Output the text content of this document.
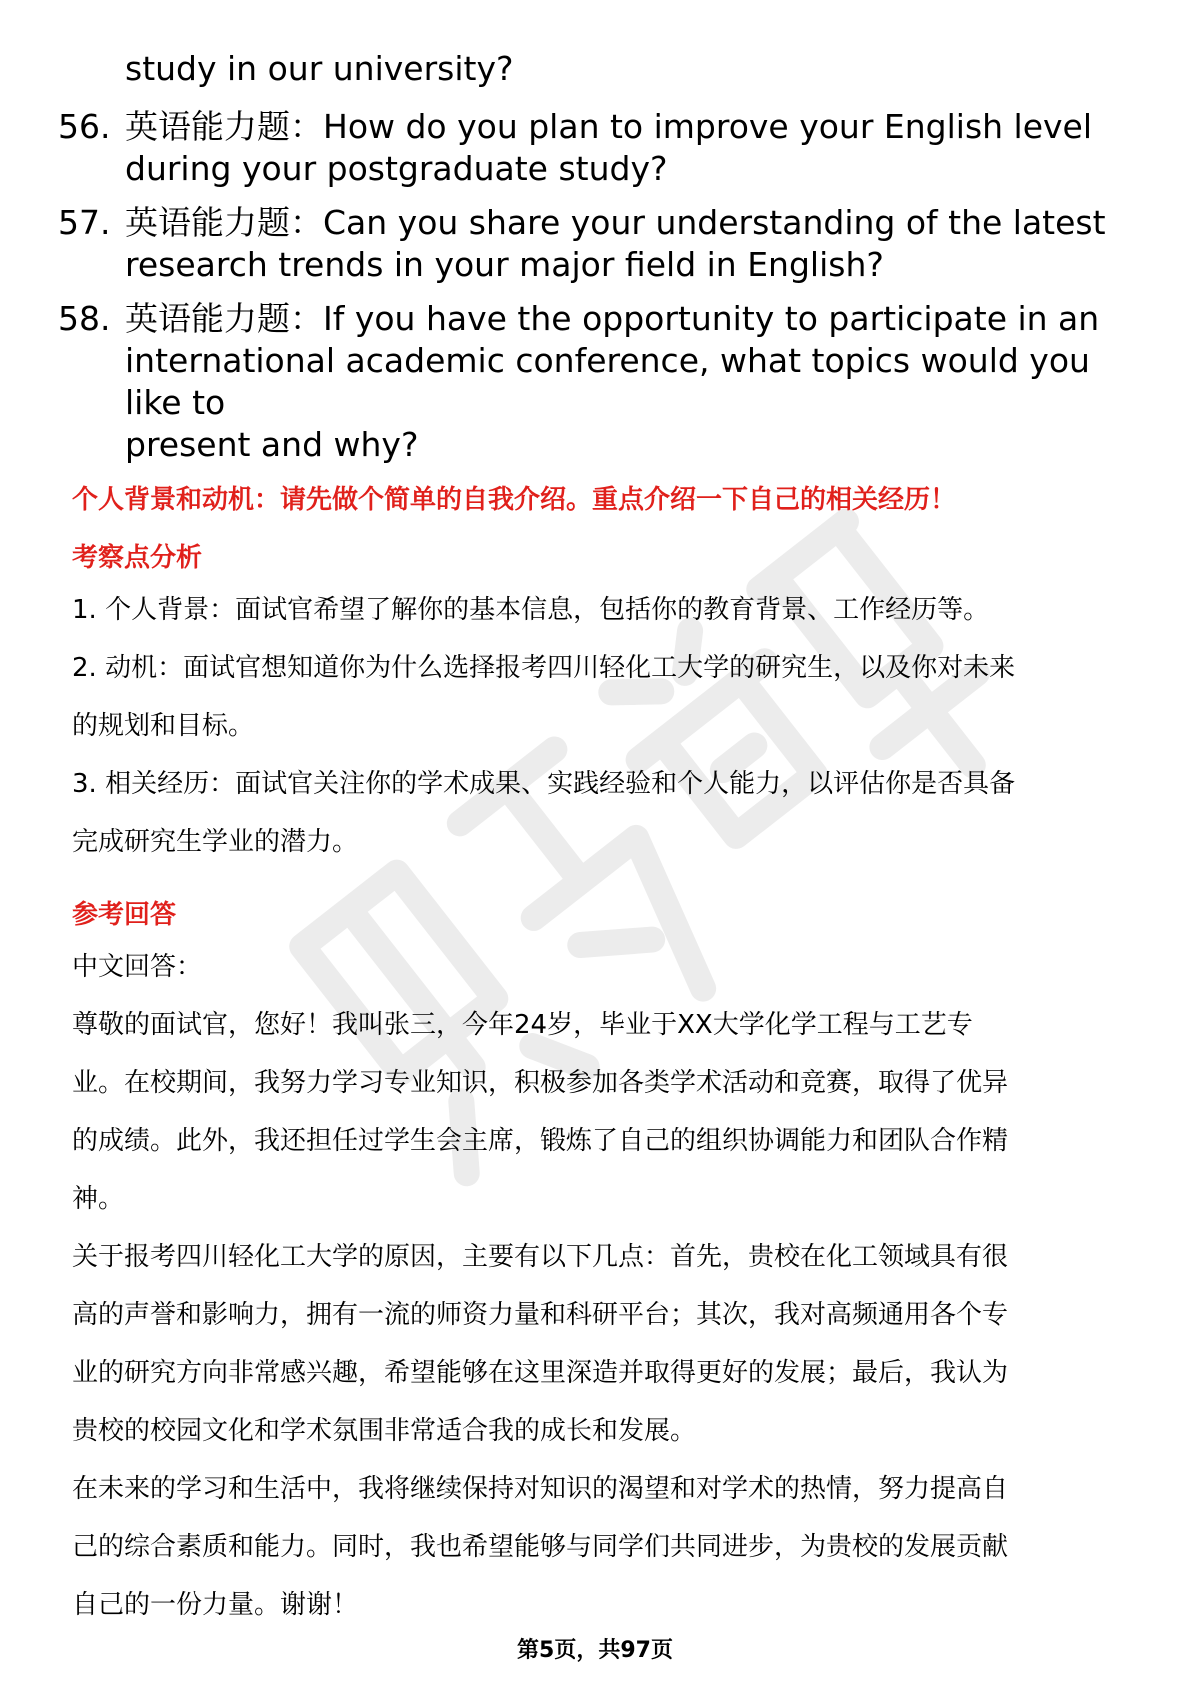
study in our university?
56. 英语能力题：How do you plan to improve your English level
during your postgraduate study?
57. 英语能力题：Can you share your understanding of the latest
research trends in your major field in English?
58. 英语能力题：If you have the opportunity to participate in an
international academic conference, what topics would you like to
present and why?
个人背景和动机：请先做个简单的自我介绍。重点介绍一下自己的相关经历！
考察点分析
1. 个人背景：面试官希望了解你的基本信息，包括你的教育背景、工作经历等。
2. 动机：面试官想知道你为什么选择报考四川轻化工大学的研究生，以及你对未来
的规划和目标。
3. 相关经历：面试官关注你的学术成果、实践经验和个人能力，以评估你是否具备
完成研究生学业的潜力。
参考回答
中文回答：
尊敬的面试官，您好！我叫张三，今年24岁，毕业于XX大学化学工程与工艺专
业。在校期间，我努力学习专业知识，积极参加各类学术活动和竞赛，取得了优异
的成绩。此外，我还担任过学生会主席，锻炼了自己的组织协调能力和团队合作精
神。
关于报考四川轻化工大学的原因，主要有以下几点：首先，贵校在化工领域具有很
高的声誉和影响力，拥有一流的师资力量和科研平台；其次，我对高频通用各个专
业的研究方向非常感兴趣，希望能够在这里深造并取得更好的发展；最后，我认为
贵校的校园文化和学术氛围非常适合我的成长和发展。
在未来的学习和生活中，我将继续保持对知识的渴望和对学术的热情，努力提高自
己的综合素质和能力。同时，我也希望能够与同学们共同进步，为贵校的发展贡献
自己的一份力量。谢谢！
第5页，共97页
